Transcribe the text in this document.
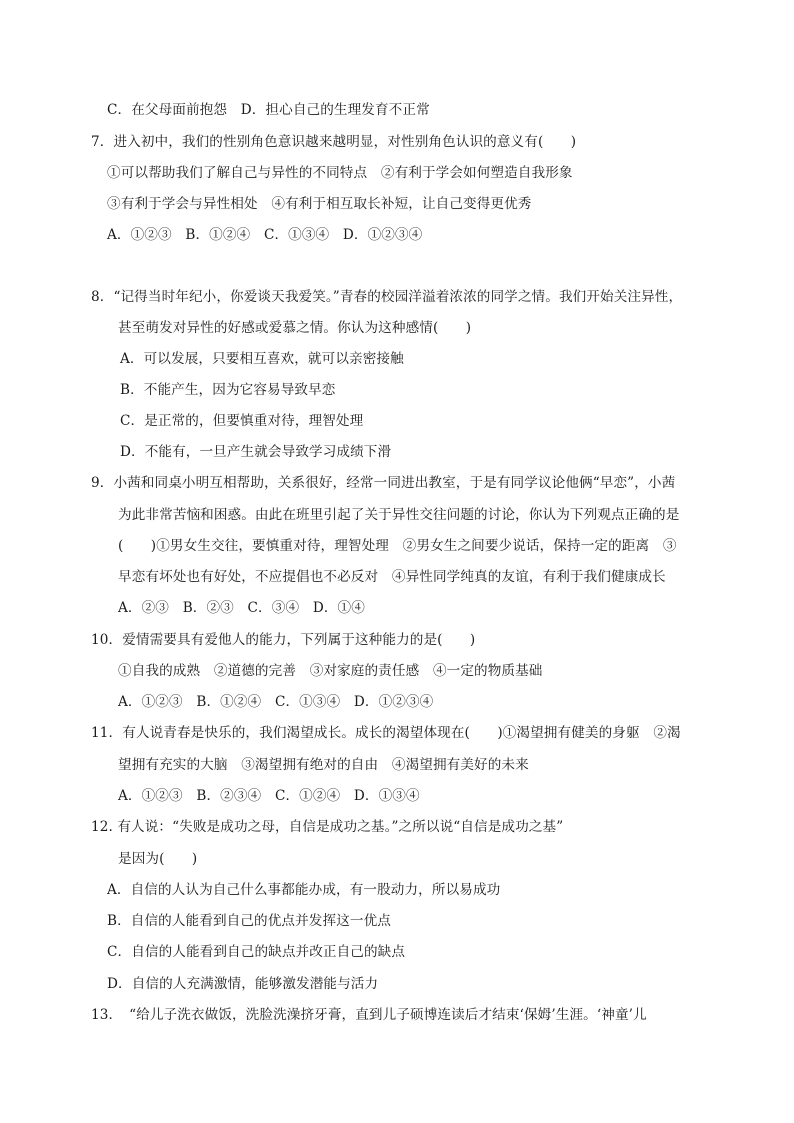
C．在父母面前抱怨　D．担心自己的生理发育不正常
7．进入初中，我们的性别角色意识越来越明显，对性别角色认识的意义有(　　)
①可以帮助我们了解自己与异性的不同特点　②有利于学会如何塑造自我形象
③有利于学会与异性相处　④有利于相互取长补短，让自己变得更优秀
A．①②③　B．①②④　C．①③④　D．①②③④
8．“记得当时年纪小，你爱谈天我爱笑。”青春的校园洋溢着浓浓的同学之情。我们开始关注异性，
甚至萌发对异性的好感或爱慕之情。你认为这种感情(　　)
A．可以发展，只要相互喜欢，就可以亲密接触
B．不能产生，因为它容易导致早恋
C．是正常的，但要慎重对待，理智处理
D．不能有，一旦产生就会导致学习成绩下滑
9．小茜和同桌小明互相帮助，关系很好，经常一同进出教室，于是有同学议论他俩“早恋”，小茜
为此非常苦恼和困惑。由此在班里引起了关于异性交往问题的讨论，你认为下列观点正确的是
(　　)①男女生交往，要慎重对待，理智处理　②男女生之间要少说话，保持一定的距离　③
早恋有坏处也有好处，不应提倡也不必反对　④异性同学纯真的友谊，有利于我们健康成长
A．②③　B．②③　C．③④　D．①④
10．爱情需要具有爱他人的能力，下列属于这种能力的是(　　)
①自我的成熟　②道德的完善　③对家庭的责任感　④一定的物质基础
A．①②③　B．①②④　C．①③④　D．①②③④
11．有人说青春是快乐的，我们渴望成长。成长的渴望体现在(　　)①渴望拥有健美的身躯　②渴
望拥有充实的大脑　③渴望拥有绝对的自由　④渴望拥有美好的未来
A．①②③　B．②③④　C．①②④　D．①③④
12. 有人说：“失败是成功之母，自信是成功之基。”之所以说“自信是成功之基”
是因为(　　)
A．自信的人认为自己什么事都能办成，有一股动力，所以易成功
B．自信的人能看到自己的优点并发挥这一优点
C．自信的人能看到自己的缺点并改正自己的缺点
D．自信的人充满激情，能够激发潜能与活力
13．　“给儿子洗衣做饭，洗脸洗澡挤牙膏，直到儿子硕博连读后才结束‘保姆’生涯。‘神童’儿
